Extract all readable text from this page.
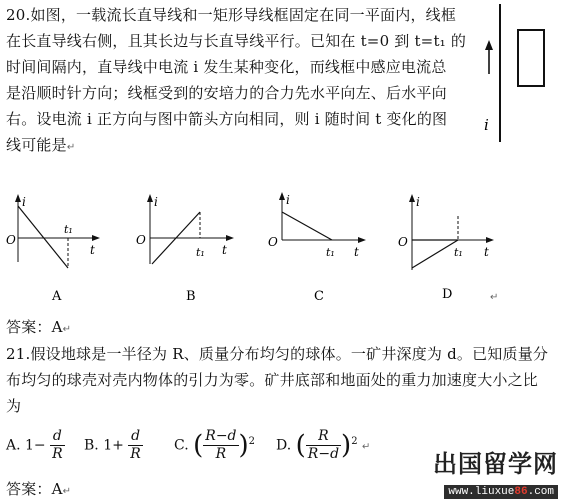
20.如图，一载流长直导线和一矩形导线框固定在同一平面内，线框
在长直导线右侧，且其长边与长直导线平行。已知在 t=0 到 t=t₁ 的
时间间隔内，直导线中电流 i 发生某种变化，而线框中感应电流总
是沿顺时针方向；线框受到的安培力的合力先水平向左、后水平向
右。设电流 i 正方向与图中箭头方向相同，则 i 随时间 t 变化的图
线可能是↵
i
i
O
t₁
t
A
i
O
t₁ t
B
i
O
t₁ t
C
i
O
t₁ t
D	↵
答案：A↵
21.假设地球是一半径为 R、质量分布均匀的球体。一矿井深度为 d。已知质量分
布均匀的球壳对壳内物体的引力为零。矿井底部和地面处的重力加速度大小之比
为
A. $1- \frac{d}{R} B$. $1+ \frac{d}{R} C$. ( $\frac{R-d}{R} )^2$ D. ( $\frac{R}{R-d} )^2$ ↵
答案：A↵
出国留学网
www.liuxue86.com
